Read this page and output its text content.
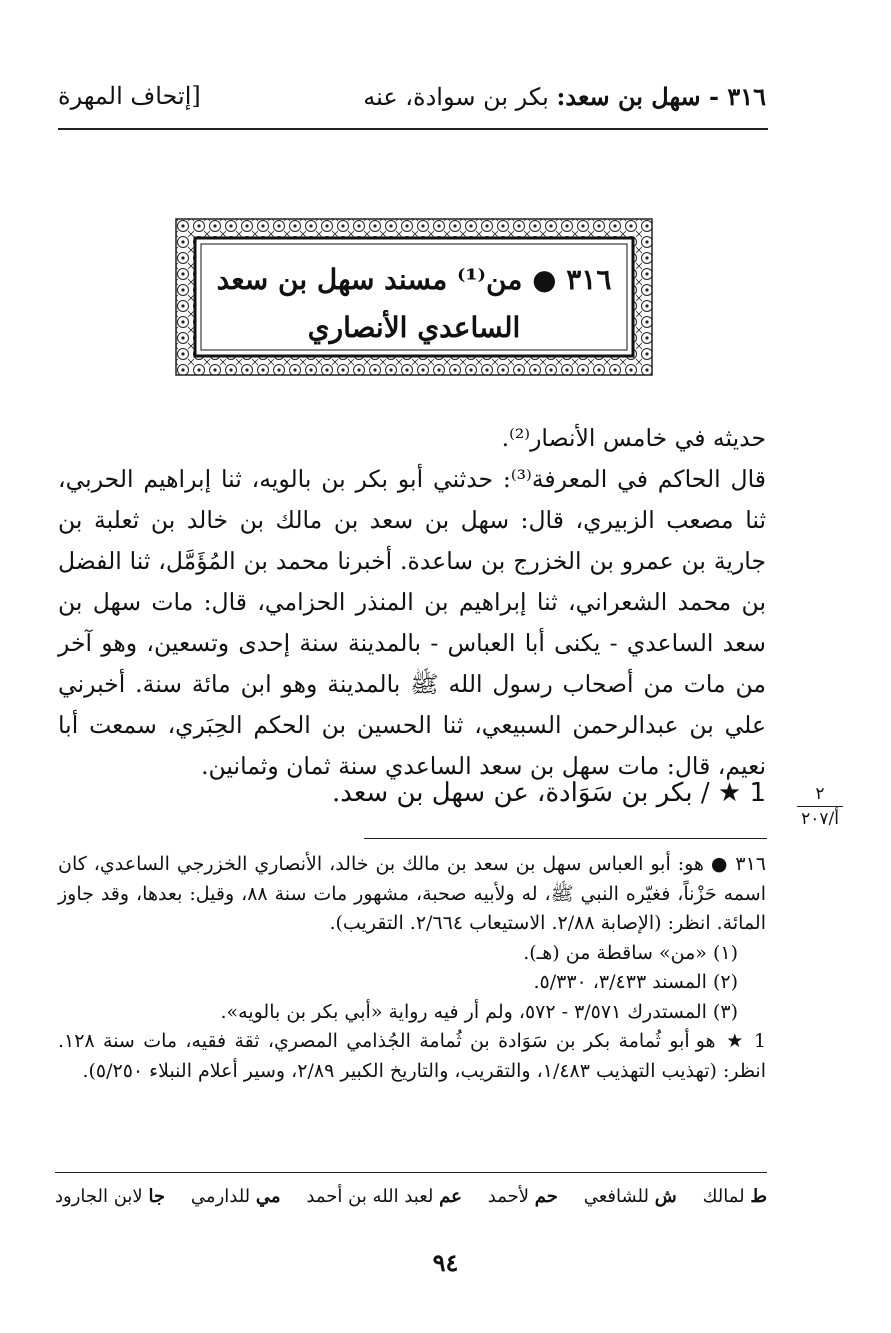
٣١٦ - سهل بن سعد: بكر بن سوادة، عنه
[إتحاف المهرة
٣١٦ ● من⁽¹⁾ مسند سهل بن سعد
الساعدي الأنصاري

حديثه في خامس الأنصار⁽²⁾.

قال الحاكم في المعرفة⁽³⁾: حدثني أبو بكر بن بالويه، ثنا إبراهيم الحربي، ثنا مصعب الزبيري، قال: سهل بن سعد بن مالك بن خالد بن ثعلبة بن جارية بن عمرو بن الخزرج بن ساعدة. أخبرنا محمد بن المُؤَمَّل، ثنا الفضل بن محمد الشعراني، ثنا إبراهيم بن المنذر الحزامي، قال: مات سهل بن سعد الساعدي - يكنى أبا العباس - بالمدينة سنة إحدى وتسعين، وهو آخر من مات من أصحاب رسول الله ﷺ بالمدينة وهو ابن مائة سنة. أخبرني علي بن عبدالرحمن السبيعي، ثنا الحسين بن الحكم الحِبَري، سمعت أبا نعيم، قال: مات سهل بن سعد الساعدي سنة ثمان وثمانين.

1 ★ / بكر بن سَوَادة، عن سهل بن سعد.	٢
أ/٢٠٧

٣١٦ ● هو: أبو العباس سهل بن سعد بن مالك بن خالد، الأنصاري الخزرجي الساعدي، كان اسمه حَزْناً، فغيّره النبي ﷺ، له ولأبيه صحبة، مشهور مات سنة ٨٨، وقيل: بعدها، وقد جاوز المائة. انظر: (الإصابة ٢/٨٨. الاستيعاب ٢/٦٦٤. التقريب).

(١) «من» ساقطة من (هـ).

(٢) المسند ٣/٤٣٣، ٥/٣٣٠.

(٣) المستدرك ٣/٥٧١ - ٥٧٢، ولم أر فيه رواية «أبي بكر بن بالويه».

1 ★ هو أبو ثُمامة بكر بن سَوَادة بن ثُمامة الجُذامي المصري، ثقة فقيه، مات سنة ١٢٨. انظر: (تهذيب التهذيب ١/٤٨٣، والتقريب، والتاريخ الكبير ٢/٨٩، وسير أعلام النبلاء ٥/٢٥٠).

ط لمالك
ش للشافعي
حم لأحمد
عم لعبد الله بن أحمد
مي للدارمي
جا لابن الجارود
٩٤
